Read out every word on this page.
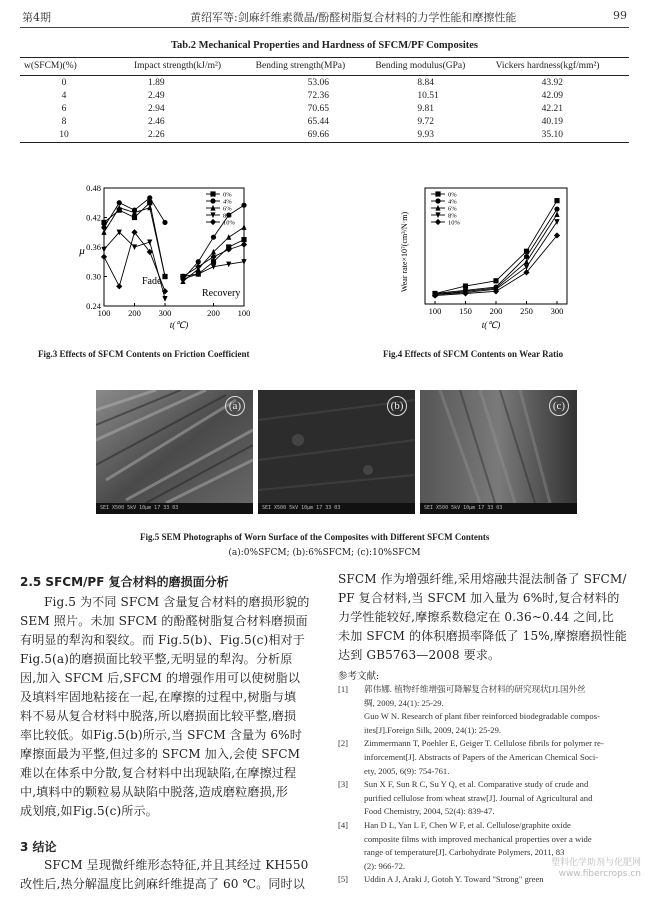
第4期	黄绍军等:剑麻纤维素微晶/酚醛树脂复合材料的力学性能和摩擦性能	99
Tab.2 Mechanical Properties and Hardness of SFCM/PF Composites
w(SFCM)(%)	Impact strength(kJ/m²)	Bending strength(MPa)	Bending modulus(GPa)	Vickers hardness(kgf/mm²)
0	1.89	53.06	8.84	43.92
4	2.49	72.36	10.51	42.09
6	2.94	70.65	9.81	42.21
8	2.46	65.44	9.72	40.19
10	2.26	69.66	9.93	35.10
0.24
0.30
0.36
0.42
0.48
100 200 300	200 100
0%
4%
6%
8%
10%
μ
t(℃)
Fade
Recovery
Fig.3 Effects of SFCM Contents on Friction Coefficient
100 150 200 250 300
0%
4%
6%
8%
10%
Wear rate×10⁷(cm³/N·m)
t(℃)
Fig.4 Effects of SFCM Contents on Wear Ratio
(a)
SEI X500 5kV 10μm 17 33 03
(b)
SEI X500 5kV 10μm 17 33 03
(c)
SEI X500 5kV 10μm 17 33 03
Fig.5 SEM Photographs of Worn Surface of the Composites with Different SFCM Contents
(a):0%SFCM; (b):6%SFCM; (c):10%SFCM
2.5 SFCM/PF 复合材料的磨损面分析
Fig.5 为不同 SFCM 含量复合材料的磨损形貌的
SEM 照片。未加 SFCM 的酚醛树脂复合材料磨损面
有明显的犁沟和裂纹。而 Fig.5(b)、Fig.5(c)相对于
Fig.5(a)的磨损面比较平整,无明显的犁沟。分析原
因,加入 SFCM 后,SFCM 的增强作用可以使树脂以
及填料牢固地粘接在一起,在摩擦的过程中,树脂与填
料不易从复合材料中脱落,所以磨损面比较平整,磨损
率比较低。如Fig.5(b)所示,当 SFCM 含量为 6%时
摩擦面最为平整,但过多的 SFCM 加入,会使 SFCM
难以在体系中分散,复合材料中出现缺陷,在摩擦过程
中,填料中的颗粒易从缺陷中脱落,造成磨粒磨损,形
成划痕,如Fig.5(c)所示。
3 结论
SFCM 呈现微纤维形态特征,并且其经过 KH550
改性后,热分解温度比剑麻纤维提高了 60 ℃。同时以
SFCM 作为增强纤维,采用熔融共混法制备了 SFCM/
PF 复合材料,当 SFCM 加入量为 6%时,复合材料的
力学性能较好,摩擦系数稳定在 0.36~0.44 之间,比
未加 SFCM 的体积磨损率降低了 15%,摩擦磨损性能
达到 GB5763—2008 要求。
参考文献:
[1] 郭伟娜. 植物纤维增强可降解复合材料的研究现状[J].国外丝
绸, 2009, 24(1): 25-29.
Guo W N. Research of plant fiber reinforced biodegradable compos-
ites[J].Foreign Silk, 2009, 24(1): 25-29.
[2] Zimmermann T, Poehler E, Geiger T. Cellulose fibrils for polymer re-
inforcement[J]. Abstracts of Papers of the American Chemical Soci-
ety, 2005, 6(9): 754-761.
[3] Sun X F, Sun R C, Su Y Q, et al. Comparative study of crude and
purified cellulose from wheat straw[J]. Journal of Agricultural and
Food Chemistry, 2004, 52(4): 839-47.
[4] Han D L, Yan L F, Chen W F, et al. Cellulose/graphite oxide
composite films with improved mechanical properties over a wide
range of temperature[J]. Carbohydrate Polymers, 2011, 83
(2): 966-72.
[5] Uddin A J, Araki J, Gotoh Y. Toward "Strong" green
塑料化学助剂与化肥网
www.fibercrops.cn
